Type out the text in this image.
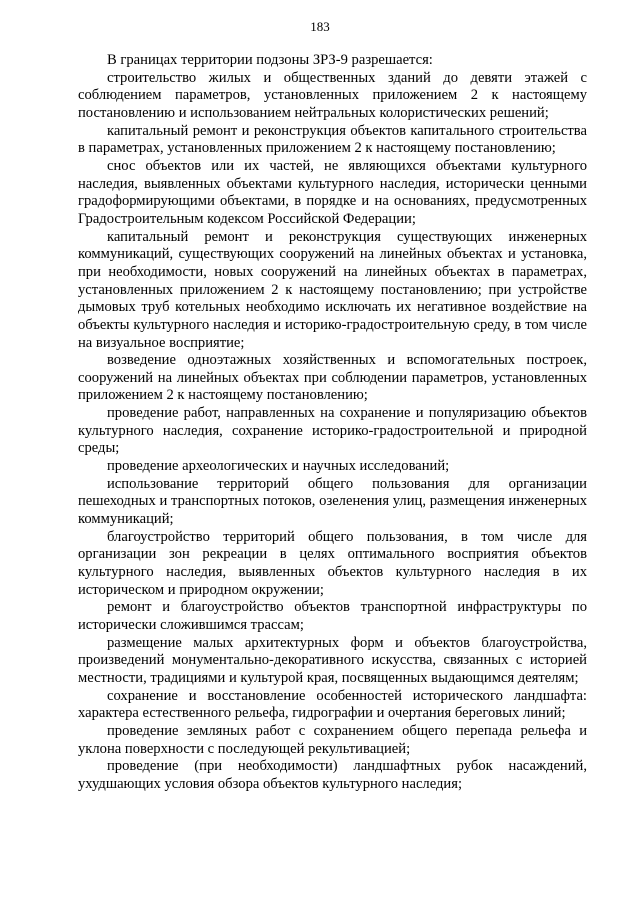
183

В границах территории подзоны ЗРЗ-9 разрешается:

строительство жилых и общественных зданий до девяти этажей с соблюдением параметров, установленных приложением 2 к настоящему постановлению и использованием нейтральных колористических решений;

капитальный ремонт и реконструкция объектов капитального строительства в параметрах, установленных приложением 2 к настоящему постановлению;

снос объектов или их частей, не являющихся объектами культурного наследия, выявленных объектами культурного наследия, исторически ценными градоформирующими объектами, в порядке и на основаниях, предусмотренных Градостроительным кодексом Российской Федерации;

капитальный ремонт и реконструкция существующих инженерных коммуникаций, существующих сооружений на линейных объектах и установка, при необходимости, новых сооружений на линейных объектах в параметрах, установленных приложением 2 к настоящему постановлению; при устройстве дымовых труб котельных необходимо исключать их негативное воздействие на объекты культурного наследия и историко-градостроительную среду, в том числе на визуальное восприятие;

возведение одноэтажных хозяйственных и вспомогательных построек, сооружений на линейных объектах при соблюдении параметров, установленных приложением 2 к настоящему постановлению;

проведение работ, направленных на сохранение и популяризацию объектов культурного наследия, сохранение историко-градостроительной и природной среды;

проведение археологических и научных исследований;

использование территорий общего пользования для организации пешеходных и транспортных потоков, озеленения улиц, размещения инженерных коммуникаций;

благоустройство территорий общего пользования, в том числе для организации зон рекреации в целях оптимального восприятия объектов культурного наследия, выявленных объектов культурного наследия в их историческом и природном окружении;

ремонт и благоустройство объектов транспортной инфраструктуры по исторически сложившимся трассам;

размещение малых архитектурных форм и объектов благоустройства, произведений монументально-декоративного искусства, связанных с историей местности, традициями и культурой края, посвященных выдающимся деятелям;

сохранение и восстановление особенностей исторического ландшафта: характера естественного рельефа, гидрографии и очертания береговых линий;

проведение земляных работ с сохранением общего перепада рельефа и уклона поверхности с последующей рекультивацией;

проведение (при необходимости) ландшафтных рубок насаждений, ухудшающих условия обзора объектов культурного наследия;
